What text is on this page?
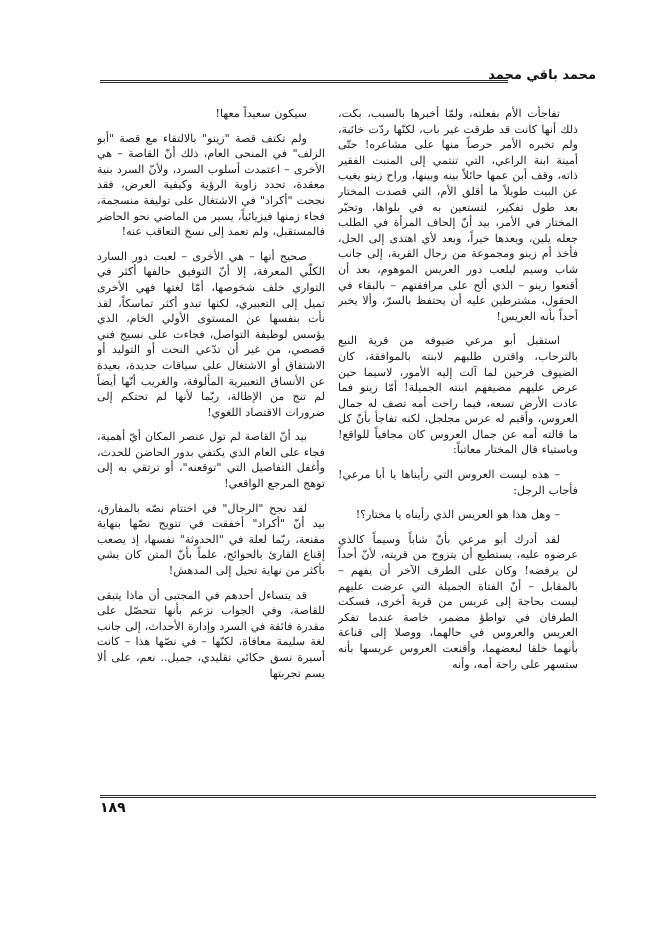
محمد باقي محمد

تفاجأت الأم بفعلته، ولمّا أخبرها بالسبب، بكت، ذلك أنها كانت قد طرقت غير باب، لكنّها ردّت خائبة، ولم تخبره الأمر حرصاً منها على مشاعره! حتّى أمينة ابنة الراعي، التي تنتمي إلى المنبت الفقير ذاته، وقف أبن عمها حائلاً بينه وبينها، وراح زينو يغيب عن البيت طويلاً ما أقلق الأم، التي قصدت المختار بعد طول تفكير، لتستعين به في بلواها، وتحيّر المختار في الأمر، بيد أنّ إلحاف المرأة في الطلب جعله يلين، ويعدها خيراً، وبعد لأي اهتدى إلى الحل، فأخذ أم زينو ومجموعة من رجال القرية، إلى جانب شاب وسيم ليلعب دور العريس الموهوم، بعد أن أقنعوا زينو – الذي ألح على مرافقتهم – بالبقاء في الحقول، مشترطين عليه أن يحتفظ بالسرّ، وألا يخبر أحداً بأنه العريس!

استقبل أبو مرعي ضيوفه من قرية النبع بالترحاب، واقترن طلبهم لابنته بالموافقة، كان الضيوف فرحين لما آلت إليه الأمور، لاسيما حين عرض عليهم مضيفهم ابنته الجميلة! أمّا زينو فما عادت الأرض تسعه، فيما راحت أمه تصف له جمال العروس، وأقيم له عرس مجلجل، لكنه تفاجأ بأنّ كل ما قالته أمه عن جمال العروس كان مجافياً للواقع! وباستياء قال المختار معاتباً:

– هذه ليست العروس التي رأيناها يا أبا مرعي! فأجاب الرجل:

– وهل هذا هو العريس الذي رأيناه يا مختار؟!

لقد أدرك أبو مرعي بأنّ شاباً وسيماً كالذي عرضوه عليه، يستطيع أن يتزوج من قريته، لأنّ أحداً لن يرفضه! وكان على الطرف الآخر أن يفهم – بالمقابل – أنّ الفتاة الجميلة التي عرضت عليهم ليست بحاجة إلى عريس من قرية أخرى، فسكت الطرفان في تواطؤ مضمر، خاصة عندما تفكر العريس والعروس في حالهما، ووصلا إلى قناعة بأنهما خلقا لبعضهما، وأقنعت العروس عريسها بأنه ستسهر على راحة أمه، وأنه

سيكون سعيداً معها!

ولم تكتف قصة "زينو" بالالتقاء مع قصة "أبو الزلف" في المنحى العام، ذلك أنّ القاصة – هي الأخرى – اعتمدت أسلوب السرد، ولأنّ السرد بنية معقدة، تحدد زاوية الرؤية وكيفية العرض، فقد نجحت "أكراد" في الاشتغال على توليفة منسجمة، فجاء زمنها فيزيائياً، يسير من الماضي نحو الحاضر فالمستقبل، ولم تعمد إلى نسخ التعاقب عنه!

صحيح أنها – هي الأخرى – لعبت دور السارد الكلّي المعرفة، إلا أنّ التوفيق حالفها أكثر في التواري خلف شخوصها، أمّا لغتها فهي الأخرى تميل إلى التعبيري، لكنها تبدو أكثر تماسكاً، لقد نأت بنفسها عن المستوى الأولي الخام، الذي يؤسس لوظيفة التواصل، فجاءت على نسيج فني قصصي، من غير أن تدّعي النحت أو التوليد أو الاشتقاق أو الاشتغال على سياقات جديدة، بعيدة عن الأنساق التعبيرية المألوفة، والغريب أنّها أيضاً لم تنج من الإطالة، ربّما لأنها لم تحتكم إلى ضرورات الاقتصاد اللغوي!

بيد أنّ القاصة لم تول عنصر المكان أيّ أهمية، فجاء على العام الذي يكتفي بدور الحاضن للحدث، وأغفل التفاصيل التي "توقعنه"، أو ترتقي به إلى توهج المرجع الواقعي!

لقد نجح "الرجال" في اختتام نصّه بالمفارق، بيد أنّ "أكراد" أخفقت في تتويج نصّها بنهاية مقنعة، ربّما لعلة في "الحدوثة" نفسها، إذ يصعب إقناع القارئ بالحوائج، علماً بأنّ المتن كان يشي بأكثر من نهاية تحيل إلى المدهش!

قد يتساءل أحدهم في المجتبى أن ماذا يتبقى للقاصة، وفي الجواب نزعم بأنها تتحصّل على مقدرة فائقة في السرد وإدارة الأحداث، إلى جانب لغة سليمة معافاة، لكنّها – في نصّها هذا – كانت أسيرة نسق حكائي تقليدي، جميل.. نعم، على ألا يسم تجربتها

١٨٩
